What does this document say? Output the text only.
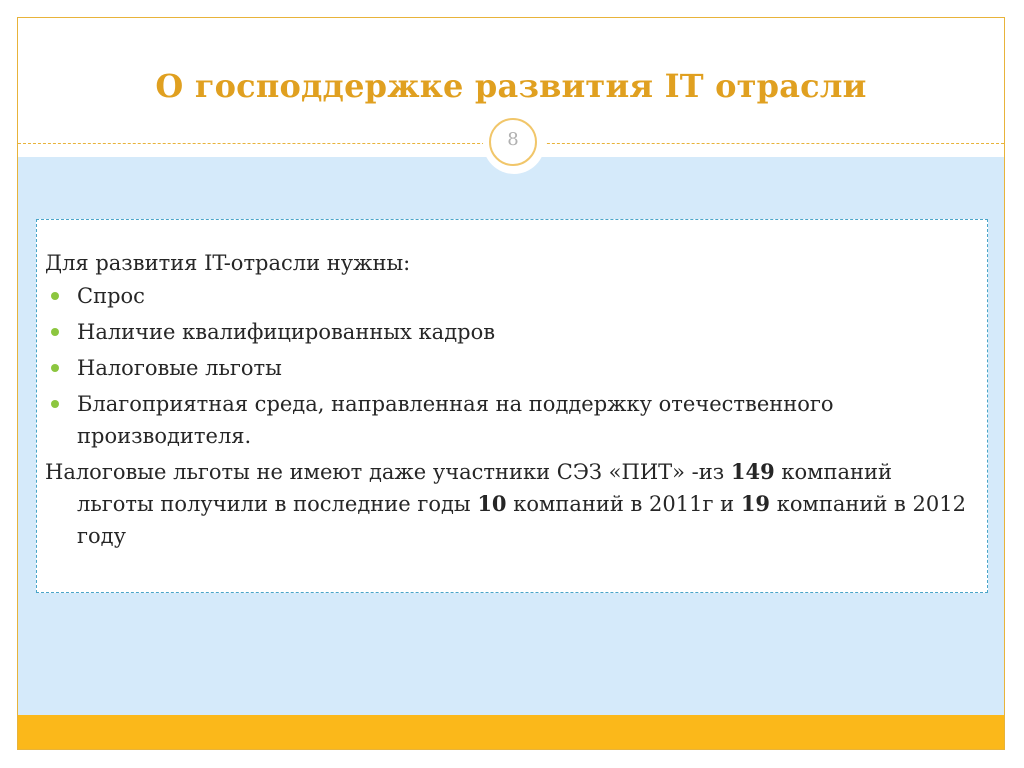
О господдержке развития IT отрасли
8
Для развития IT-отрасли нужны:
Спрос
Наличие квалифицированных кадров
Налоговые льготы
Благоприятная среда, направленная на поддержку отечественного производителя.
Налоговые льготы не имеют даже участники СЭЗ «ПИТ» -из 149 компаний льготы получили в последние годы 10 компаний в 2011г и 19 компаний в 2012 году
